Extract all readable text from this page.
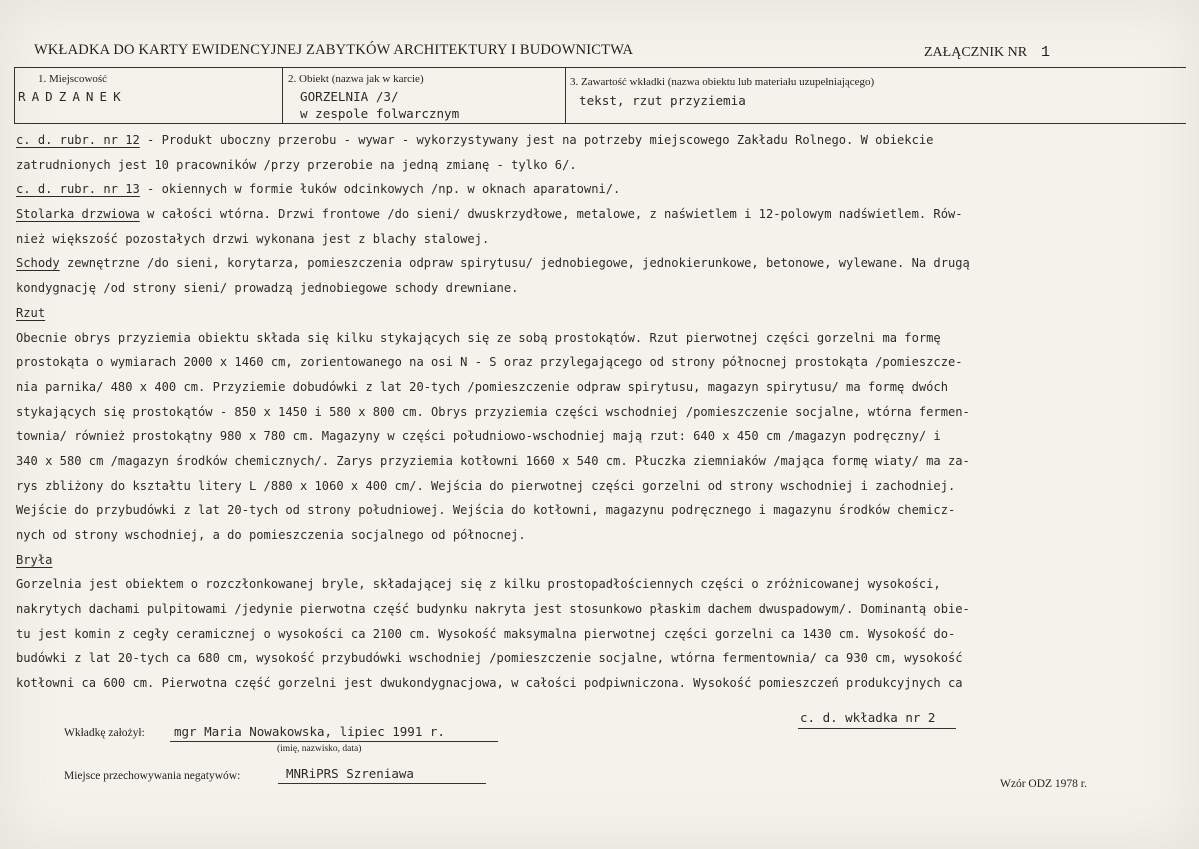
WKŁADKA DO KARTY EWIDENCYJNEJ ZABYTKÓW ARCHITEKTURY I BUDOWNICTWA	ZAŁĄCZNIK NR 1
1. Miejscowość
RADZANEK
2. Obiekt (nazwa jak w karcie)
GORZELNIA /3/
w zespole folwarcznym
3. Zawartość wkładki (nazwa obiektu lub materiału uzupełniającego)
tekst, rzut przyziemia
c. d. rubr. nr 12 - Produkt uboczny przerobu - wywar - wykorzystywany jest na potrzeby miejscowego Zakładu Rolnego. W obiekcie
zatrudnionych jest 10 pracowników /przy przerobie na jedną zmianę - tylko 6/.
c. d. rubr. nr 13 - okiennych w formie łuków odcinkowych /np. w oknach aparatowni/.
Stolarka drzwiowa w całości wtórna. Drzwi frontowe /do sieni/ dwuskrzydłowe, metalowe, z naświetlem i 12-polowym nadświetlem. Rów-
nież większość pozostałych drzwi wykonana jest z blachy stalowej.
Schody zewnętrzne /do sieni, korytarza, pomieszczenia odpraw spirytusu/ jednobiegowe, jednokierunkowe, betonowe, wylewane. Na drugą
kondygnację /od strony sieni/ prowadzą jednobiegowe schody drewniane.
Rzut
Obecnie obrys przyziemia obiektu składa się kilku stykających się ze sobą prostokątów. Rzut pierwotnej części gorzelni ma formę
prostokąta o wymiarach 2000 x 1460 cm, zorientowanego na osi N - S oraz przylegającego od strony północnej prostokąta /pomieszcze-
nia parnika/ 480 x 400 cm. Przyziemie dobudówki z lat 20-tych /pomieszczenie odpraw spirytusu, magazyn spirytusu/ ma formę dwóch
stykających się prostokątów - 850 x 1450 i 580 x 800 cm. Obrys przyziemia części wschodniej /pomieszczenie socjalne, wtórna fermen-
townia/ również prostokątny 980 x 780 cm. Magazyny w części południowo-wschodniej mają rzut: 640 x 450 cm /magazyn podręczny/ i
340 x 580 cm /magazyn środków chemicznych/. Zarys przyziemia kotłowni 1660 x 540 cm. Płuczka ziemniaków /mająca formę wiaty/ ma za-
rys zbliżony do kształtu litery L /880 x 1060 x 400 cm/. Wejścia do pierwotnej części gorzelni od strony wschodniej i zachodniej.
Wejście do przybudówki z lat 20-tych od strony południowej. Wejścia do kotłowni, magazynu podręcznego i magazynu środków chemicz-
nych od strony wschodniej, a do pomieszczenia socjalnego od północnej.
Bryła
Gorzelnia jest obiektem o rozczłonkowanej bryle, składającej się z kilku prostopadłościennych części o zróżnicowanej wysokości,
nakrytych dachami pulpitowami /jedynie pierwotna część budynku nakryta jest stosunkowo płaskim dachem dwuspadowym/. Dominantą obie-
tu jest komin z cegły ceramicznej o wysokości ca 2100 cm. Wysokość maksymalna pierwotnej części gorzelni ca 1430 cm. Wysokość do-
budówki z lat 20-tych ca 680 cm, wysokość przybudówki wschodniej /pomieszczenie socjalne, wtórna fermentownia/ ca 930 cm, wysokość
kotłowni ca 600 cm. Pierwotna część gorzelni jest dwukondygnacjowa, w całości podpiwniczona. Wysokość pomieszczeń produkcyjnych ca
c. d. wkładka nr 2
Wkładkę założył: mgr Maria Nowakowska, lipiec 1991 r.
(imię, nazwisko, data)
Miejsce przechowywania negatywów:	MNRiPRS Szreniawa
Wzór ODZ 1978 r.
